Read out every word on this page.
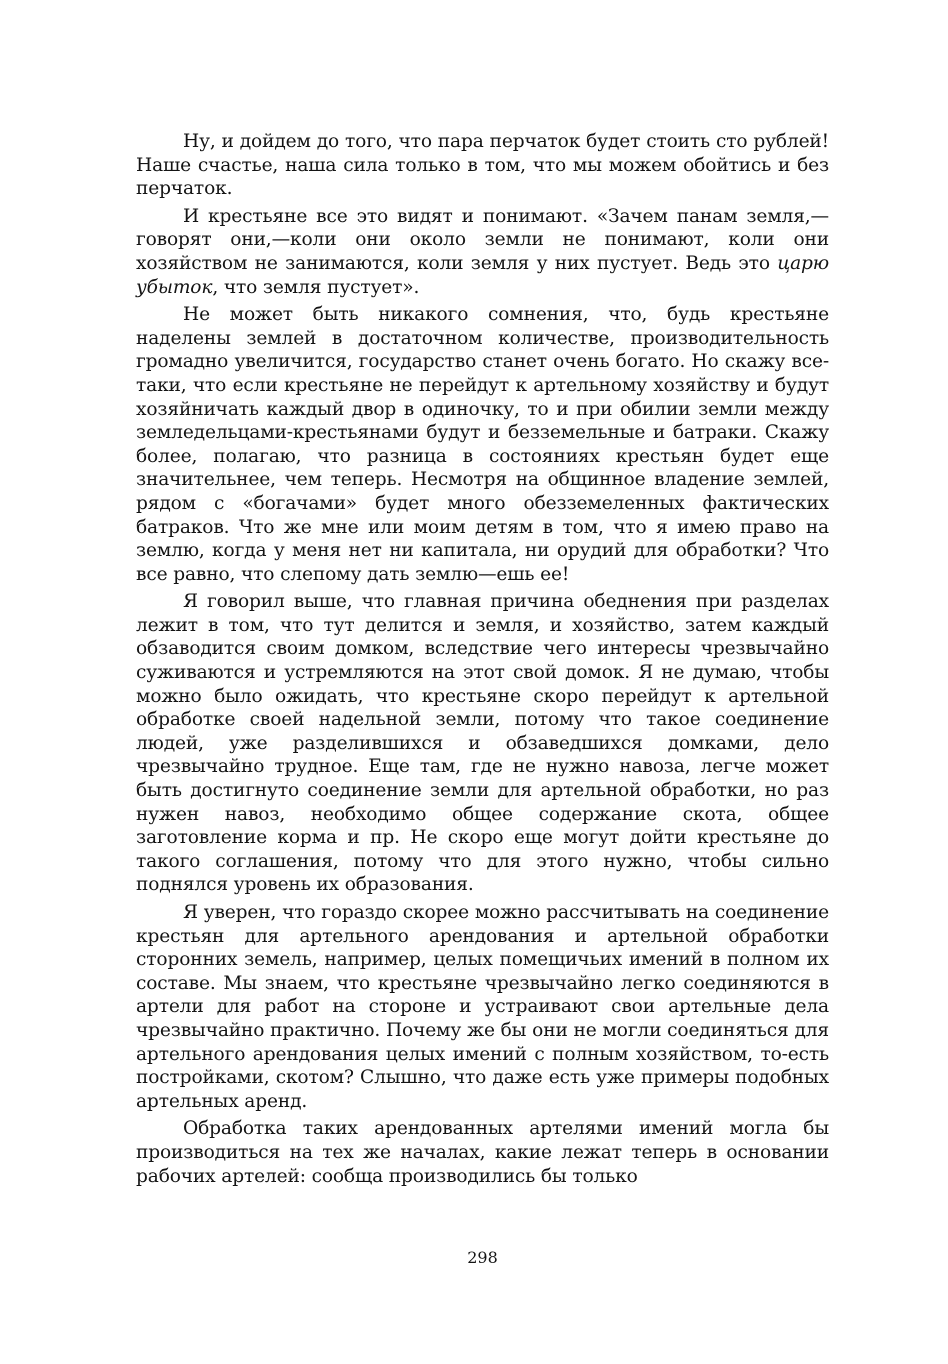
Ну, и дойдем до того, что пара перчаток будет стоить сто рублей! Наше счастье, наша сила только в том, что мы можем обойтись и без перчаток.

И крестьяне все это видят и понимают. «Зачем панам земля,—говорят они,—коли они около земли не понимают, коли они хозяйством не занимаются, коли земля у них пустует. Ведь это царю убыток, что земля пустует».

Не может быть никакого сомнения, что, будь крестьяне наделены землей в достаточном количестве, производительность громадно увеличится, государство станет очень богато. Но скажу все-таки, что если крестьяне не перейдут к артельному хозяйству и будут хозяйничать каждый двор в одиночку, то и при обилии земли между земледельцами-крестьянами будут и безземельные и батраки. Скажу более, полагаю, что разница в состояниях крестьян будет еще значительнее, чем теперь. Несмотря на общинное владение землей, рядом с «богачами» будет много обезземеленных фактических батраков. Что же мне или моим детям в том, что я имею право на землю, когда у меня нет ни капитала, ни орудий для обработки? Что все равно, что слепому дать землю—ешь ее!

Я говорил выше, что главная причина обеднения при разделах лежит в том, что тут делится и земля, и хозяйство, затем каждый обзаводится своим домком, вследствие чего интересы чрезвычайно суживаются и устремляются на этот свой домок. Я не думаю, чтобы можно было ожидать, что крестьяне скоро перейдут к артельной обработке своей надельной земли, потому что такое соединение людей, уже разделившихся и обзаведшихся домками, дело чрезвычайно трудное. Еще там, где не нужно навоза, легче может быть достигнуто соединение земли для артельной обработки, но раз нужен навоз, необходимо общее содержание скота, общее заготовление корма и пр. Не скоро еще могут дойти крестьяне до такого соглашения, потому что для этого нужно, чтобы сильно поднялся уровень их образования.

Я уверен, что гораздо скорее можно рассчитывать на соединение крестьян для артельного арендования и артельной обработки сторонних земель, например, целых помещичьих имений в полном их составе. Мы знаем, что крестьяне чрезвычайно легко соединяются в артели для работ на стороне и устраивают свои артельные дела чрезвычайно практично. Почему же бы они не могли соединяться для артельного арендования целых имений с полным хозяйством, то-есть постройками, скотом? Слышно, что даже есть уже примеры подобных артельных аренд.

Обработка таких арендованных артелями имений могла бы производиться на тех же началах, какие лежат теперь в основании рабочих артелей: сообща производились бы только

298
